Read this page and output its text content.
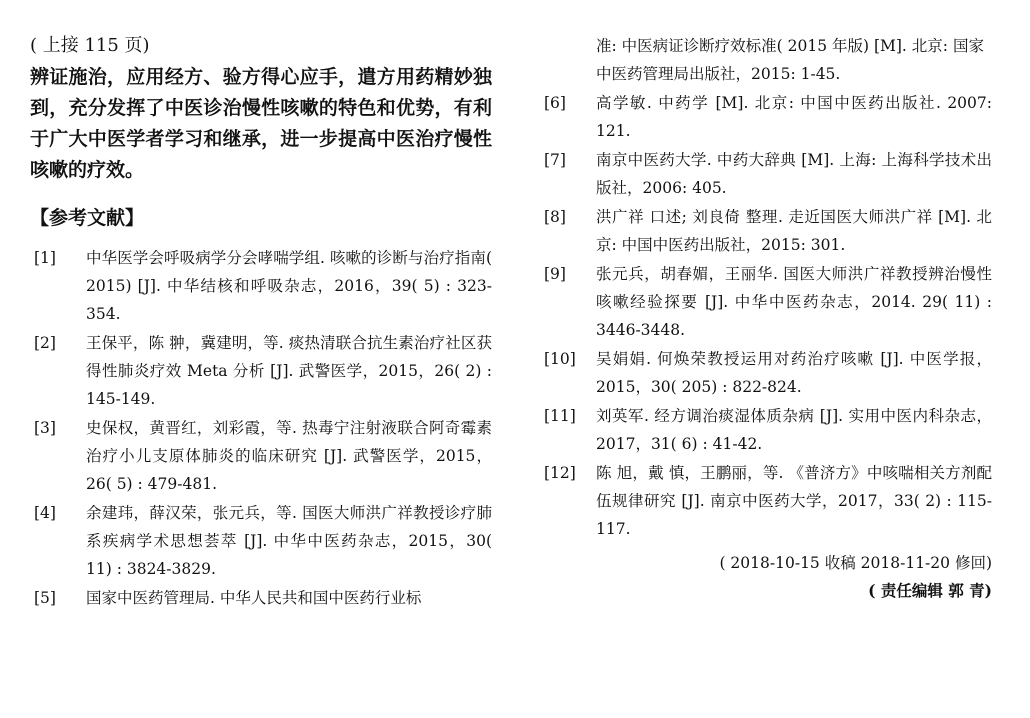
( 上接 115 页)

辨证施治，应用经方、验方得心应手，遣方用药精妙独到，充分发挥了中医诊治慢性咳嗽的特色和优势，有利于广大中医学者学习和继承，进一步提高中医治疗慢性咳嗽的疗效。

【参考文献】
[1] 中华医学会呼吸病学分会哮喘学组. 咳嗽的诊断与治疗指南( 2015) [J]. 中华结核和呼吸杂志，2016，39( 5) : 323-354.
[2] 王保平，陈 翀，冀建明，等. 痰热清联合抗生素治疗社区获得性肺炎疗效 Meta 分析 [J]. 武警医学，2015，26( 2) : 145-149.
[3] 史保权，黄晋红，刘彩霞，等. 热毒宁注射液联合阿奇霉素治疗小儿支原体肺炎的临床研究 [J]. 武警医学，2015，26( 5) : 479-481.
[4] 余建玮，薛汉荣，张元兵，等. 国医大师洪广祥教授诊疗肺系疾病学术思想荟萃 [J]. 中华中医药杂志，2015，30( 11) : 3824-3829.
[5] 国家中医药管理局. 中华人民共和国中医药行业标
准: 中医病证诊断疗效标准( 2015 年版) [M]. 北京: 国家中医药管理局出版社，2015: 1-45.
[6] 高学敏. 中药学 [M]. 北京: 中国中医药出版社. 2007: 121.
[7] 南京中医药大学. 中药大辞典 [M]. 上海: 上海科学技术出版社，2006: 405.
[8] 洪广祥 口述; 刘良倚 整理. 走近国医大师洪广祥 [M]. 北京: 中国中医药出版社，2015: 301.
[9] 张元兵，胡春媚，王丽华. 国医大师洪广祥教授辨治慢性咳嗽经验探要 [J]. 中华中医药杂志，2014. 29( 11) : 3446-3448.
[10] 吴娟娟. 何焕荣教授运用对药治疗咳嗽 [J]. 中医学报，2015，30( 205) : 822-824.
[11] 刘英军. 经方调治痰湿体质杂病 [J]. 实用中医内科杂志，2017，31( 6) : 41-42.
[12] 陈 旭，戴 慎，王鹏丽，等. 《普济方》中咳喘相关方剂配伍规律研究 [J]. 南京中医药大学，2017，33( 2) : 115-117.
( 2018-10-15 收稿 2018-11-20 修回)
( 责任编辑 郭 青)
